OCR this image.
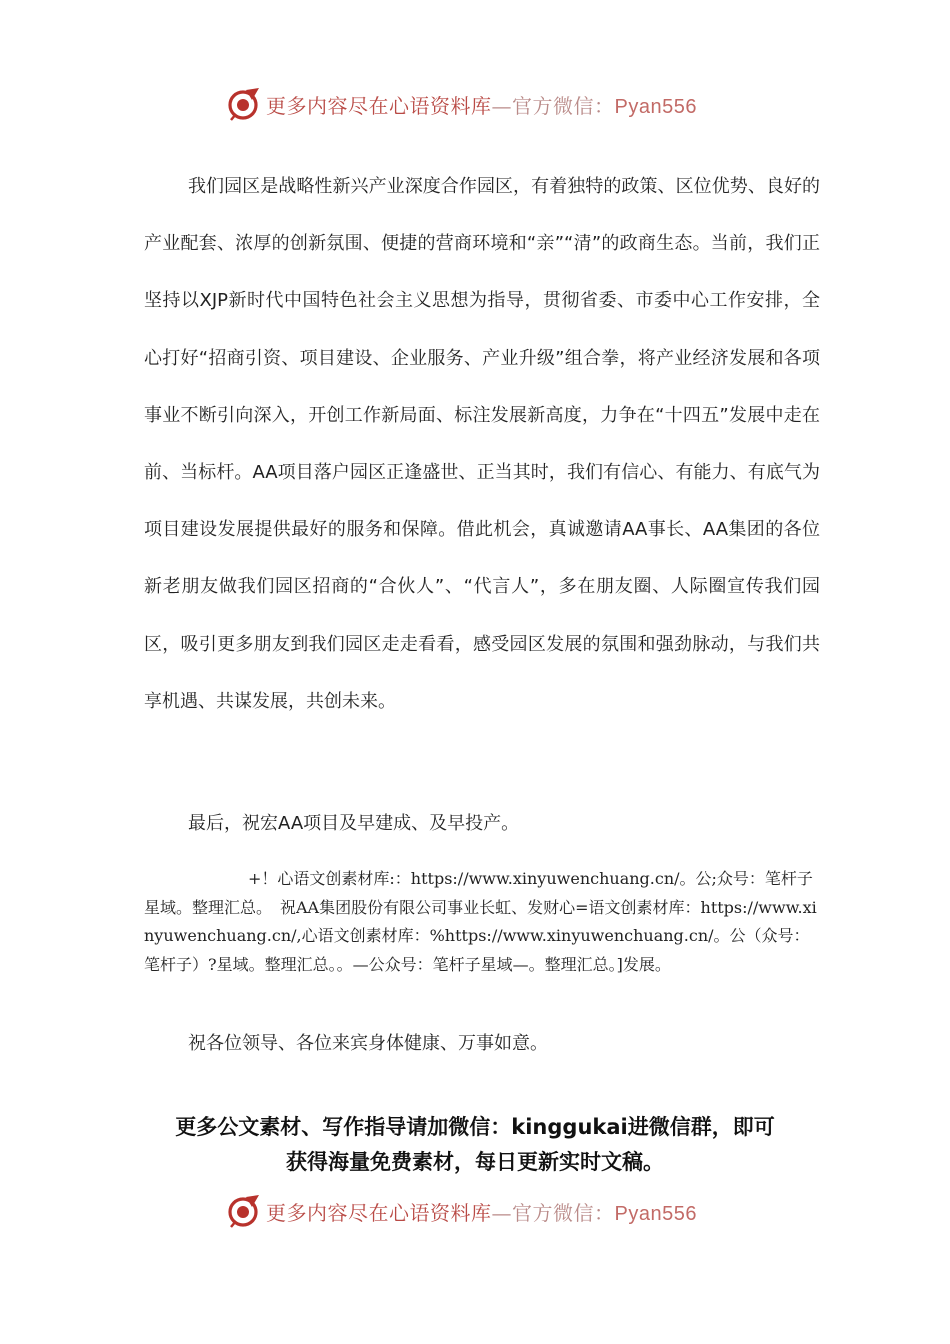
更多内容尽在心语资料库—官方微信：Pyan556

我们园区是战略性新兴产业深度合作园区，有着独特的政策、区位优势、良好的产业配套、浓厚的创新氛围、便捷的营商环境和“亲”“清”的政商生态。当前，我们正坚持以XJP新时代中国特色社会主义思想为指导，贯彻省委、市委中心工作安排，全心打好“招商引资、项目建设、企业服务、产业升级”组合拳，将产业经济发展和各项事业不断引向深入，开创工作新局面、标注发展新高度，力争在“十四五”发展中走在前、当标杆。AA项目落户园区正逢盛世、正当其时，我们有信心、有能力、有底气为项目建设发展提供最好的服务和保障。借此机会，真诚邀请AA事长、AA集团的各位新老朋友做我们园区招商的“合伙人”、“代言人”，多在朋友圈、人际圈宣传我们园区，吸引更多朋友到我们园区走走看看，感受园区发展的氛围和强劲脉动，与我们共享机遇、共谋发展，共创未来。

最后，祝宏AA项目及早建成、及早投产。

+！心语文创素材库:：https://www.xinyuwenchuang.cn/。公;众号：笔杆子星域。整理汇总。　祝AA集团股份有限公司事业长虹、发财心=语文创素材库：https://www.xinyuwenchuang.cn/,心语文创素材库：%https://www.xinyuwenchuang.cn/。公（众号：笔杆子）?星域。整理汇总。。—公众号：笔杆子星域—。整理汇总。]发展。

祝各位领导、各位来宾身体健康、万事如意。

更多公文素材、写作指导请加微信：kinggukai进微信群，即可
获得海量免费素材，每日更新实时文稿。
更多内容尽在心语资料库—官方微信：Pyan556
